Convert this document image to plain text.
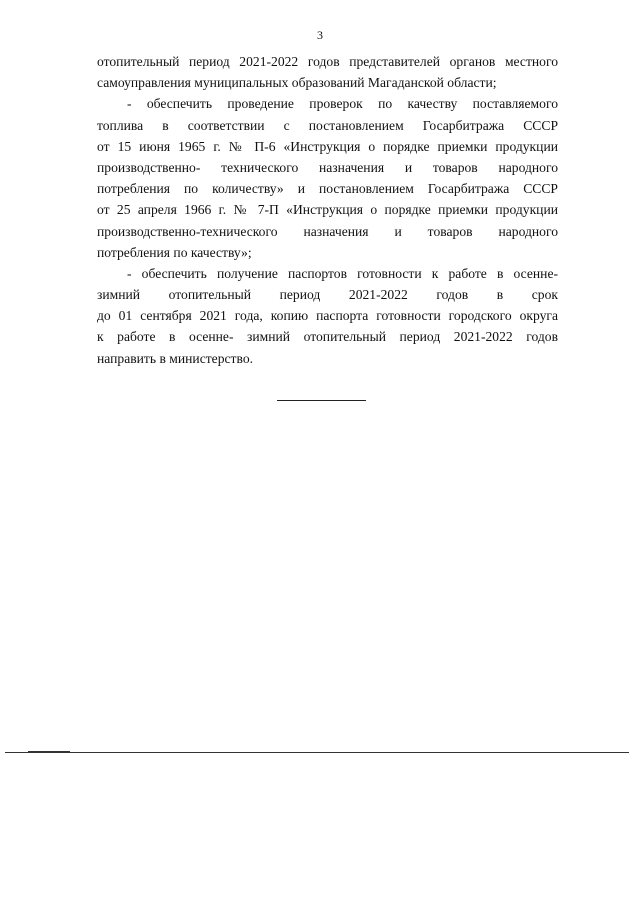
3
отопительный период 2021-2022 годов представителей органов местного
самоуправления муниципальных образований Магаданской области;
- обеспечить проведение проверок по качеству поставляемого
топлива в соответствии с постановлением Госарбитража СССР
от 15 июня 1965 г. № П-6 «Инструкция о порядке приемки продукции
производственно- технического назначения и товаров народного
потребления по количеству» и постановлением Госарбитража СССР
от 25 апреля 1966 г. № 7-П «Инструкция о порядке приемки продукции
производственно-технического назначения и товаров народного
потребления по качеству»;
- обеспечить получение паспортов готовности к работе в осенне-
зимний отопительный период 2021-2022 годов в срок
до 01 сентября 2021 года, копию паспорта готовности городского округа
к работе в осенне- зимний отопительный период 2021-2022 годов
направить в министерство.
